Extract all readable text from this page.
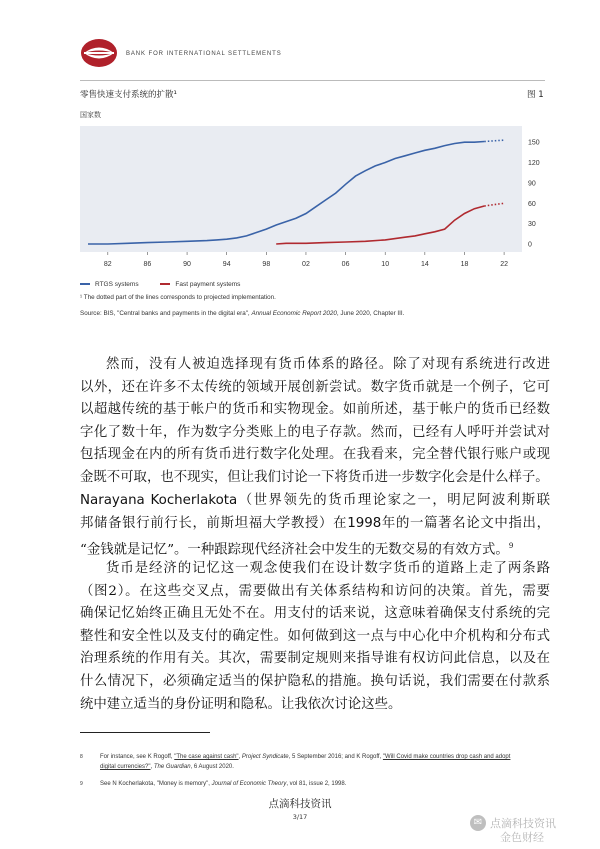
BANK FOR INTERNATIONAL SETTLEMENTS
零售快速支付系统的扩散¹	图 1
国家数
82	86	90	94	98	02	06	10	14	18	22
150
120
90
60
30
0
RTGS systems
	Fast payment systems
¹ The dotted part of the lines corresponds to projected implementation.
Source: BIS, "Central banks and payments in the digital era", Annual Economic Report 2020, June 2020, Chapter III.
然而，没有人被迫选择现有货币体系的路径。除了对现有系统进行改进
以外，还在许多不太传统的领域开展创新尝试。数字货币就是一个例子，它可
以超越传统的基于帐户的货币和实物现金。如前所述，基于帐户的货币已经数
字化了数十年，作为数字分类账上的电子存款。然而，已经有人呼吁并尝试对
包括现金在内的所有货币进行数字化处理。在我看来，完全替代银行账户或现
金既不可取，也不现实，但让我们讨论一下将货币进一步数字化会是什么样子。
Narayana Kocherlakota（世界领先的货币理论家之一，明尼阿波利斯联
邦储备银行前行长，前斯坦福大学教授）在1998年的一篇著名论文中指出，
“金钱就是记忆”。一种跟踪现代经济社会中发生的无数交易的有效方式。$^9$
货币是经济的记忆这一观念使我们在设计数字货币的道路上走了两条路
（图2）。在这些交叉点，需要做出有关体系结构和访问的决策。首先，需要
确保记忆始终正确且无处不在。用支付的话来说，这意味着确保支付系统的完
整性和安全性以及支付的确定性。如何做到这一点与中心化中介机构和分布式
治理系统的作用有关。其次，需要制定规则来指导谁有权访问此信息，以及在
什么情况下，必须确定适当的保护隐私的措施。换句话说，我们需要在付款系
统中建立适当的身份证明和隐私。让我依次讨论这些。
8	For instance, see K Rogoff, "The case against cash", Project Syndicate, 5 September 2016; and K Rogoff, "Will Covid make countries drop cash and adopt digital currencies?", The Guardian, 6 August 2020.
9	See N Kocherlakota, "Money is memory", Journal of Economic Theory, vol 81, issue 2, 1998.
点滴科技资讯
3/17	✉ 点滴科技资讯
金色财经
